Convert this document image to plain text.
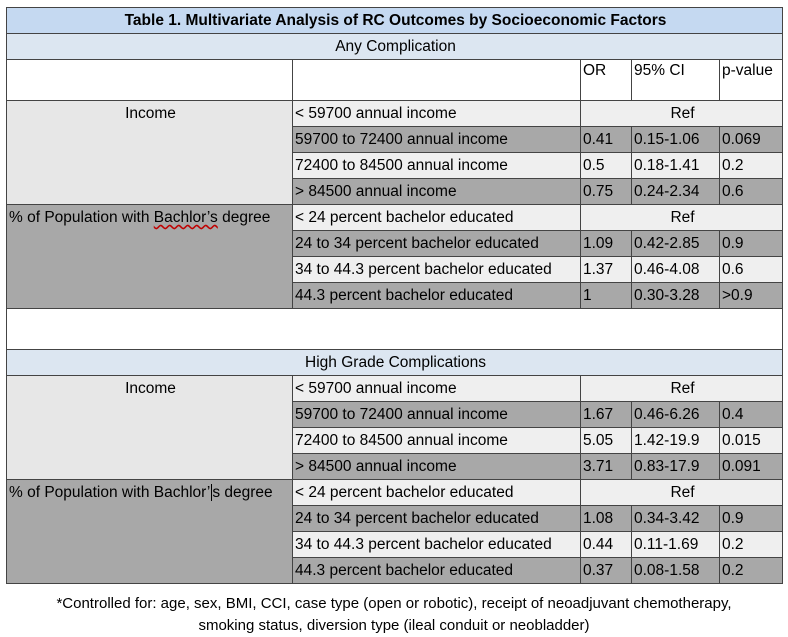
Table 1. Multivariate Analysis of RC Outcomes by Socioeconomic Factors				
Any Complication				
		OR	95% CI	p-value
Income	< 59700 annual income	Ref		
	59700 to 72400 annual income	0.41	0.15-1.06	0.069
	72400 to 84500 annual income	0.5	0.18-1.41	0.2
	> 84500 annual income	0.75	0.24-2.34	0.6
% of Population with Bachlor’s degree	< 24 percent bachelor educated	Ref		
	24 to 34 percent bachelor educated	1.09	0.42-2.85	0.9
	34 to 44.3 percent bachelor educated	1.37	0.46-4.08	0.6
	44.3 percent bachelor educated	1	0.30-3.28	>0.9

High Grade Complications				
Income	< 59700 annual income	Ref		
	59700 to 72400 annual income	1.67	0.46-6.26	0.4
	72400 to 84500 annual income	5.05	1.42-19.9	0.015
	> 84500 annual income	3.71	0.83-17.9	0.091
% of Population with Bachlor’ s degree	< 24 percent bachelor educated	Ref		
	24 to 34 percent bachelor educated	1.08	0.34-3.42	0.9
	34 to 44.3 percent bachelor educated	0.44	0.11-1.69	0.2
	44.3 percent bachelor educated	0.37	0.08-1.58	0.2
*Controlled for: age, sex, BMI, CCI, case type (open or robotic), receipt of neoadjuvant chemotherapy,
smoking status, diversion type (ileal conduit or neobladder)
